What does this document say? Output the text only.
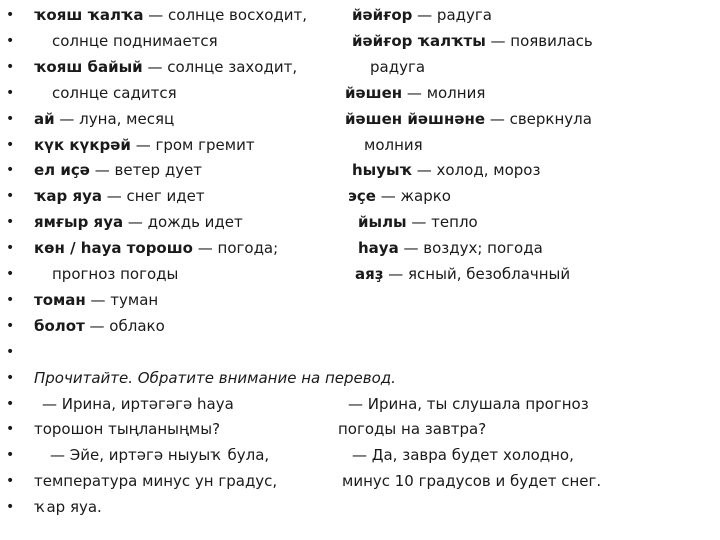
• ҡояш ҡалҡа — солнце восходит,	йәйғор — радуга
•	солнце поднимается	йәйғор ҡалҡты — появилась
• ҡояш байый — солнце заходит,	радуга
•	солнце садится	йәшен — молния
• ай — луна, месяц	йәшен йәшнәне — сверкнула
• күк күкрәй — гром гремит	молния
• ел иҫә — ветер дует	һыуыҡ — холод, мороз
• ҡар яуа — снег идет	эҫе — жарко
• ямғыр яуа — дождь идет	йылы — тепло
• көн / һауа торошо — погода;	һауа — воздух; погода
•	прогноз погоды	аяҙ — ясный, безоблачный
• томан — туман
• болот — облако
•
• Прочитайте. Обратите внимание на перевод.
• — Ирина, иртәгәгә һауа	— Ирина, ты слушала прогноз
• торошон тыңланыңмы?	погоды на завтра?
• — Эйе, иртәгә ныуыҡ була,	— Да, завра будет холодно,
• температура минус ун градус,	минус 10 градусов и будет снег.
• ҡар яуа.
